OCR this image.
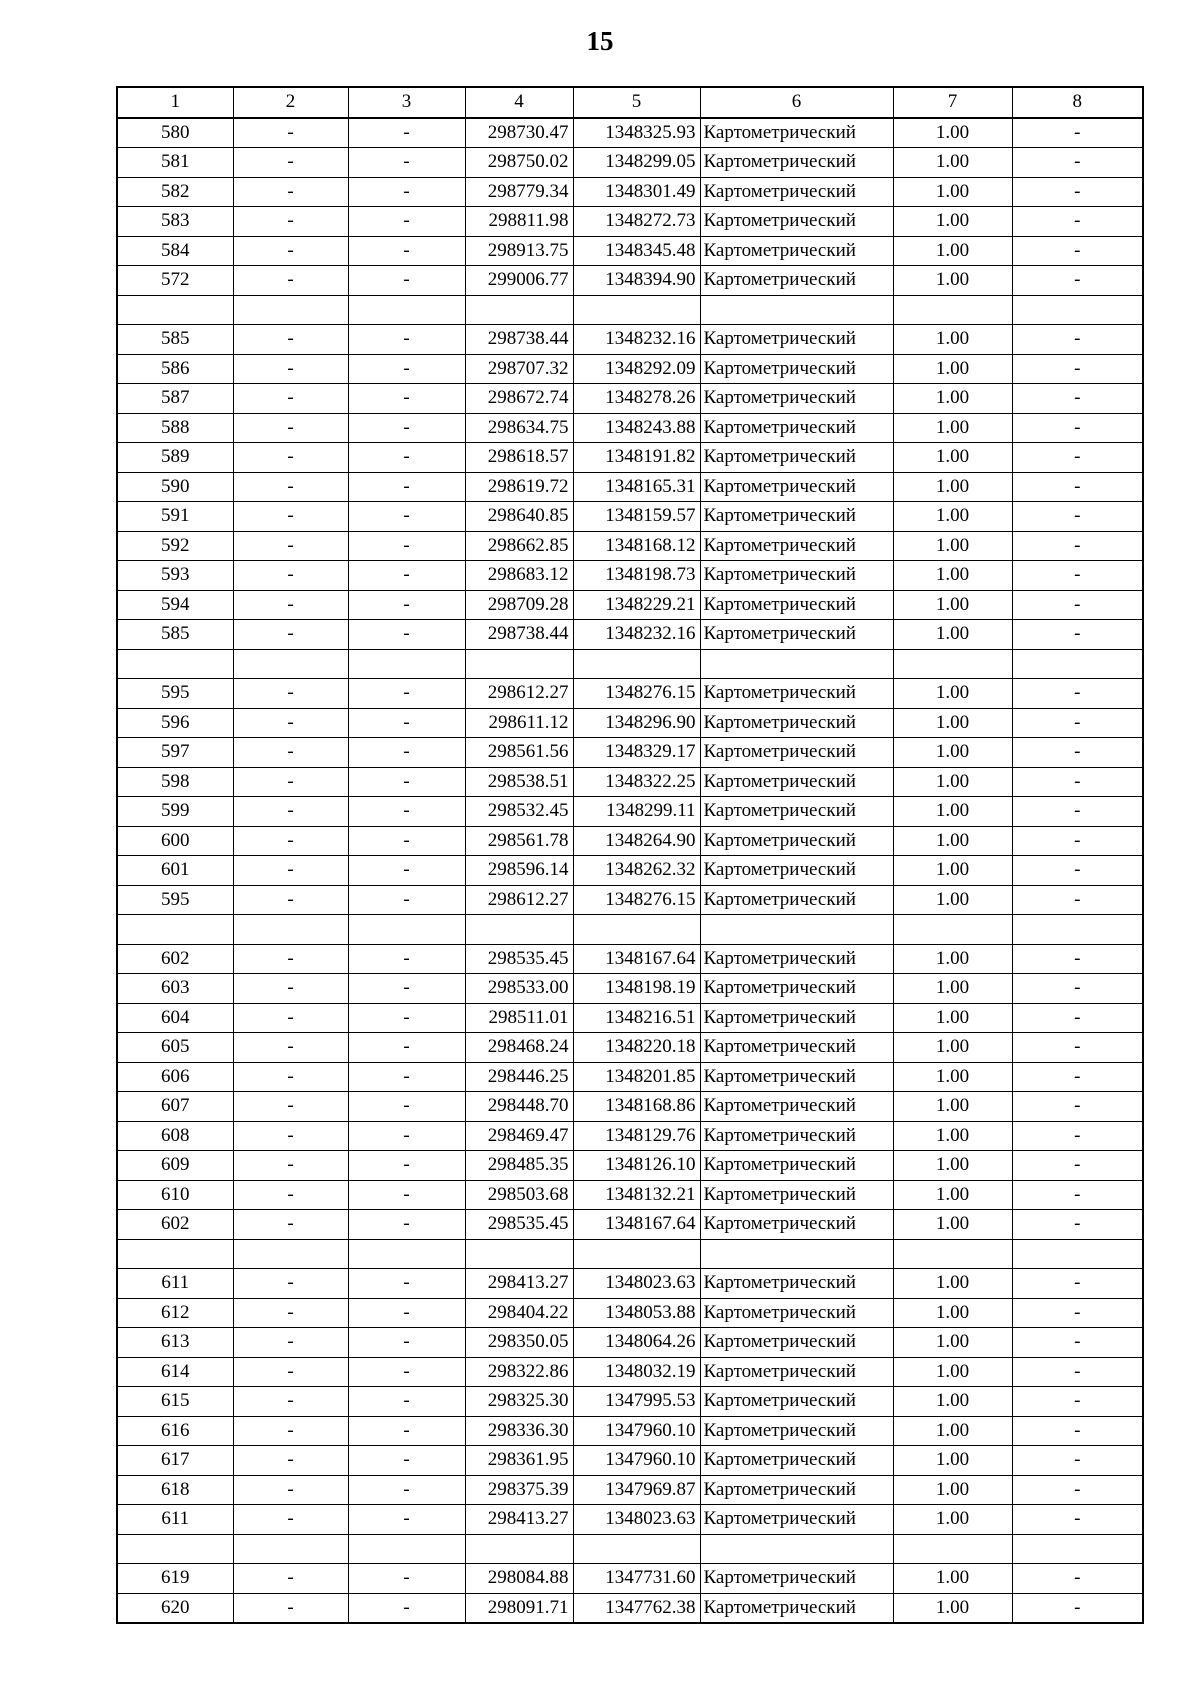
15
1	2	3	4	5	6	7	8
580	-	-	298730.47	1348325.93	Картометрический	1.00	-
581	-	-	298750.02	1348299.05	Картометрический	1.00	-
582	-	-	298779.34	1348301.49	Картометрический	1.00	-
583	-	-	298811.98	1348272.73	Картометрический	1.00	-
584	-	-	298913.75	1348345.48	Картометрический	1.00	-
572	-	-	299006.77	1348394.90	Картометрический	1.00	-

585	-	-	298738.44	1348232.16	Картометрический	1.00	-
586	-	-	298707.32	1348292.09	Картометрический	1.00	-
587	-	-	298672.74	1348278.26	Картометрический	1.00	-
588	-	-	298634.75	1348243.88	Картометрический	1.00	-
589	-	-	298618.57	1348191.82	Картометрический	1.00	-
590	-	-	298619.72	1348165.31	Картометрический	1.00	-
591	-	-	298640.85	1348159.57	Картометрический	1.00	-
592	-	-	298662.85	1348168.12	Картометрический	1.00	-
593	-	-	298683.12	1348198.73	Картометрический	1.00	-
594	-	-	298709.28	1348229.21	Картометрический	1.00	-
585	-	-	298738.44	1348232.16	Картометрический	1.00	-

595	-	-	298612.27	1348276.15	Картометрический	1.00	-
596	-	-	298611.12	1348296.90	Картометрический	1.00	-
597	-	-	298561.56	1348329.17	Картометрический	1.00	-
598	-	-	298538.51	1348322.25	Картометрический	1.00	-
599	-	-	298532.45	1348299.11	Картометрический	1.00	-
600	-	-	298561.78	1348264.90	Картометрический	1.00	-
601	-	-	298596.14	1348262.32	Картометрический	1.00	-
595	-	-	298612.27	1348276.15	Картометрический	1.00	-

602	-	-	298535.45	1348167.64	Картометрический	1.00	-
603	-	-	298533.00	1348198.19	Картометрический	1.00	-
604	-	-	298511.01	1348216.51	Картометрический	1.00	-
605	-	-	298468.24	1348220.18	Картометрический	1.00	-
606	-	-	298446.25	1348201.85	Картометрический	1.00	-
607	-	-	298448.70	1348168.86	Картометрический	1.00	-
608	-	-	298469.47	1348129.76	Картометрический	1.00	-
609	-	-	298485.35	1348126.10	Картометрический	1.00	-
610	-	-	298503.68	1348132.21	Картометрический	1.00	-
602	-	-	298535.45	1348167.64	Картометрический	1.00	-

611	-	-	298413.27	1348023.63	Картометрический	1.00	-
612	-	-	298404.22	1348053.88	Картометрический	1.00	-
613	-	-	298350.05	1348064.26	Картометрический	1.00	-
614	-	-	298322.86	1348032.19	Картометрический	1.00	-
615	-	-	298325.30	1347995.53	Картометрический	1.00	-
616	-	-	298336.30	1347960.10	Картометрический	1.00	-
617	-	-	298361.95	1347960.10	Картометрический	1.00	-
618	-	-	298375.39	1347969.87	Картометрический	1.00	-
611	-	-	298413.27	1348023.63	Картометрический	1.00	-

619	-	-	298084.88	1347731.60	Картометрический	1.00	-
620	-	-	298091.71	1347762.38	Картометрический	1.00	-
